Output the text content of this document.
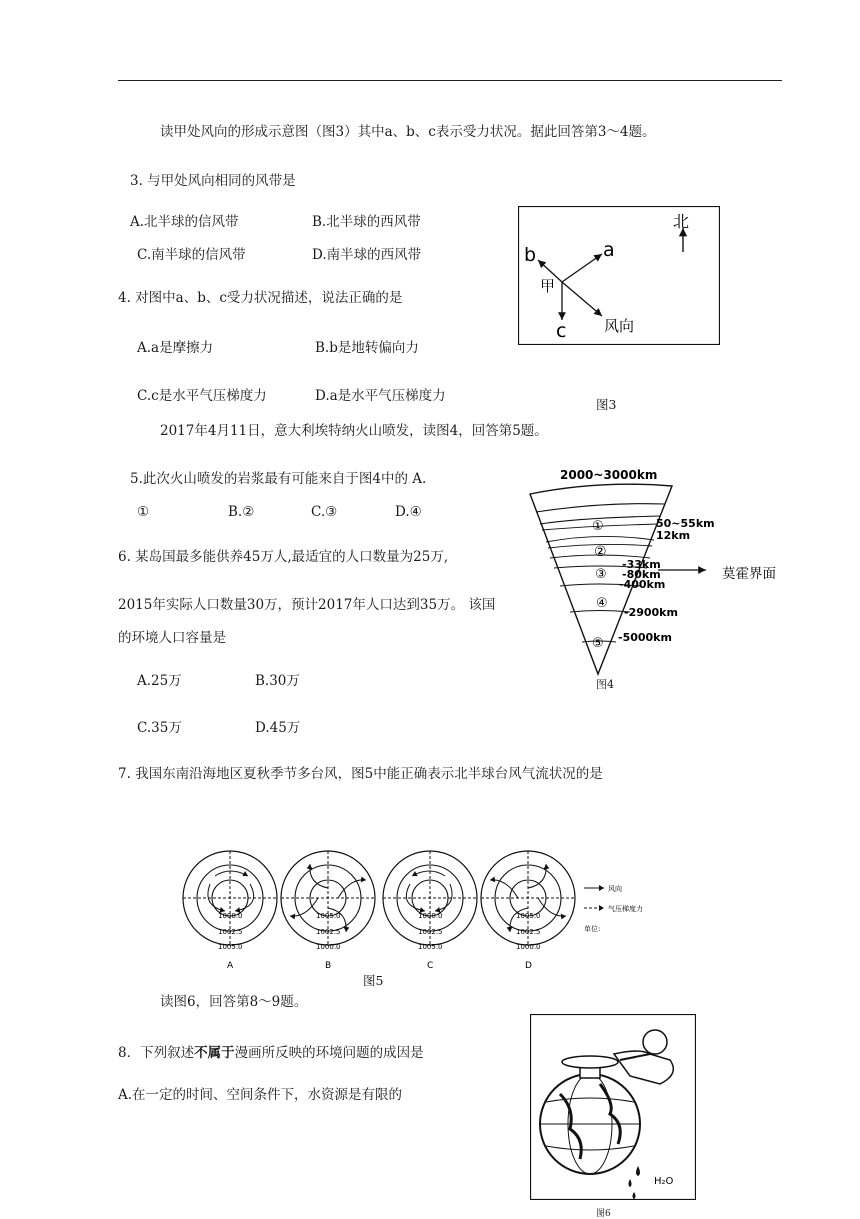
读甲处风向的形成示意图（图3）其中a、b、c表示受力状况。据此回答第3～4题。
3. 与甲处风向相同的风带是
A.北半球的信风带	B.北半球的西风带
C.南半球的信风带	D.南半球的西风带
4. 对图中a、b、c受力状况描述，说法正确的是
A.a是摩擦力	B.b是地转偏向力
C.c是水平气压梯度力	D.a是水平气压梯度力
北
a
b
c
甲
风向
图3
2017年4月11日，意大利埃特纳火山喷发，读图4，回答第5题。
5.此次火山喷发的岩浆最有可能来自于图4中的 A.
①	B.②	C.③	D.④
2000~3000km
①
②
③
④
⑤
50~55km
12km
-33km
-80km
-400km
-2900km
-5000km
莫霍界面
图4
6. 某岛国最多能供养45万人,最适宜的人口数量为25万,
2015年实际人口数量30万，预计2017年人口达到35万。 该国
的环境人口容量是
A.25万	B.30万
C.35万	D.45万
7. 我国东南沿海地区夏秋季节多台风，图5中能正确表示北半球台风气流状况的是
1000.0
1002.5
1005.0
1005.0
1002.5
1000.0
1000.0
1002.5
1005.0
1005.0
1002.5
1000.0
风向
气压梯度力
单位:
A	B	C	D
图5
读图6，回答第8～9题。
8．下列叙述不属于漫画所反映的环境问题的成因是
A.在一定的时间、空间条件下，水资源是有限的
H₂O
图6
